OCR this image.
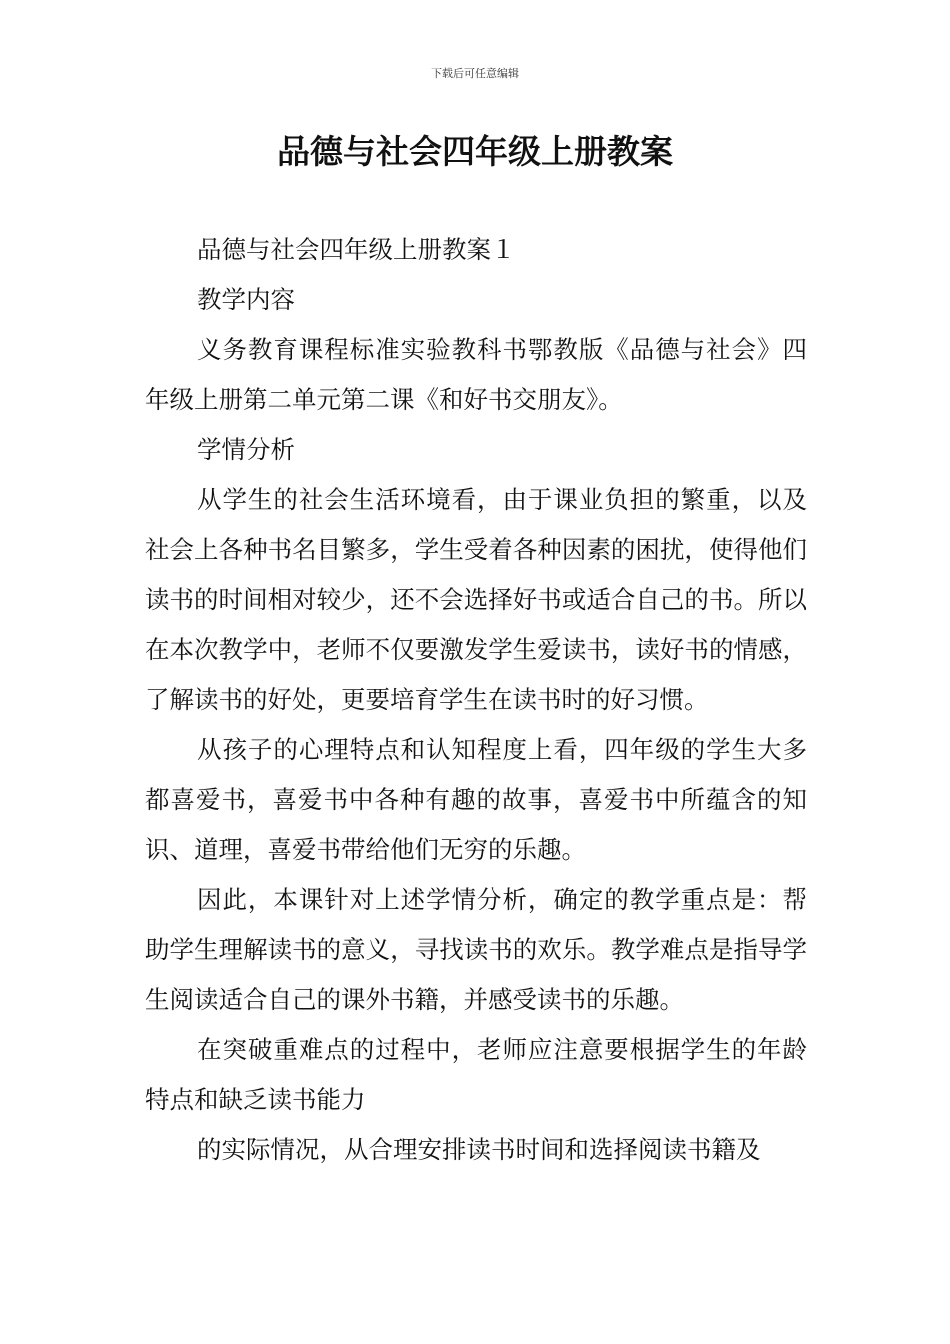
下载后可任意编辑
品德与社会四年级上册教案

品德与社会四年级上册教案１

教学内容

义务教育课程标准实验教科书鄂教版《品德与社会》四年级上册第二单元第二课《和好书交朋友》。

学情分析

从学生的社会生活环境看，由于课业负担的繁重，以及社会上各种书名目繁多，学生受着各种因素的困扰，使得他们读书的时间相对较少，还不会选择好书或适合自己的书。所以在本次教学中，老师不仅要激发学生爱读书，读好书的情感，了解读书的好处，更要培育学生在读书时的好习惯。

从孩子的心理特点和认知程度上看，四年级的学生大多都喜爱书，喜爱书中各种有趣的故事，喜爱书中所蕴含的知识、道理，喜爱书带给他们无穷的乐趣。

因此，本课针对上述学情分析，确定的教学重点是：帮助学生理解读书的意义，寻找读书的欢乐。教学难点是指导学生阅读适合自己的课外书籍，并感受读书的乐趣。

在突破重难点的过程中，老师应注意要根据学生的年龄特点和缺乏读书能力

的实际情况，从合理安排读书时间和选择阅读书籍及
